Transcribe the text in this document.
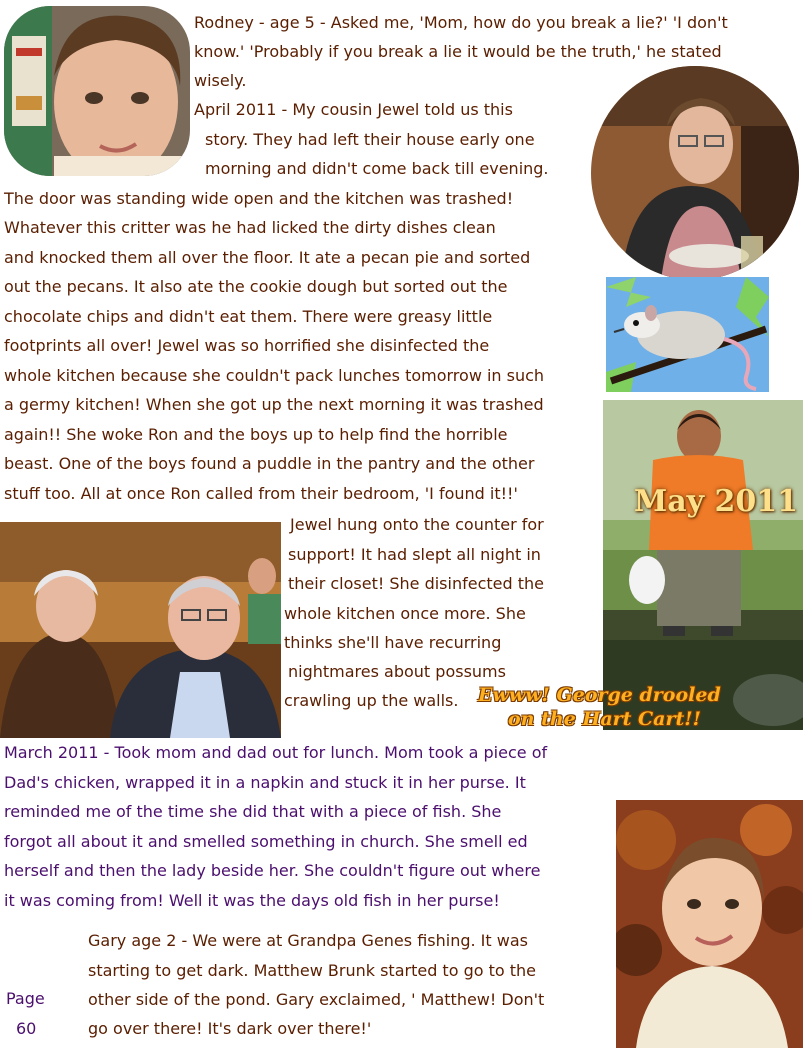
Rodney - age 5 - Asked me, 'Mom, how do you break a lie?' 'I don't
know.' 'Probably if you break a lie it would be the truth,' he stated
wisely.
April 2011 - My cousin Jewel told us this
story. They had left their house early one
morning and didn't come back till evening.
The door was standing wide open and the kitchen was trashed!
Whatever this critter was he had licked the dirty dishes clean
and knocked them all over the floor. It ate a pecan pie and sorted
out the pecans. It also ate the cookie dough but sorted out the
chocolate chips and didn't eat them. There were greasy little
footprints all over! Jewel was so horrified she disinfected the
whole kitchen because she couldn't pack lunches tomorrow in such
a germy kitchen! When she got up the next morning it was trashed
again!! She woke Ron and the boys up to help find the horrible
beast. One of the boys found a puddle in the pantry and the other
stuff too. All at once Ron called from their bedroom, 'I found it!!'
Jewel hung onto the counter for
support! It had slept all night in
their closet! She disinfected the
whole kitchen once more. She
thinks she'll have recurring
nightmares about possums
crawling up the walls.
May 2011
Ewww! George drooled
on the Hart Cart!!
March 2011 - Took mom and dad out for lunch. Mom took a piece of
Dad's chicken, wrapped it in a napkin and stuck it in her purse. It
reminded me of the time she did that with a piece of fish. She
forgot all about it and smelled something in church. She smell ed
herself and then the lady beside her. She couldn't figure out where
it was coming from! Well it was the days old fish in her purse!
Gary age 2 - We were at Grandpa Genes fishing. It was
starting to get dark. Matthew Brunk started to go to the
other side of the pond. Gary exclaimed, ' Matthew! Don't
go over there! It's dark over there!'
Page
60
